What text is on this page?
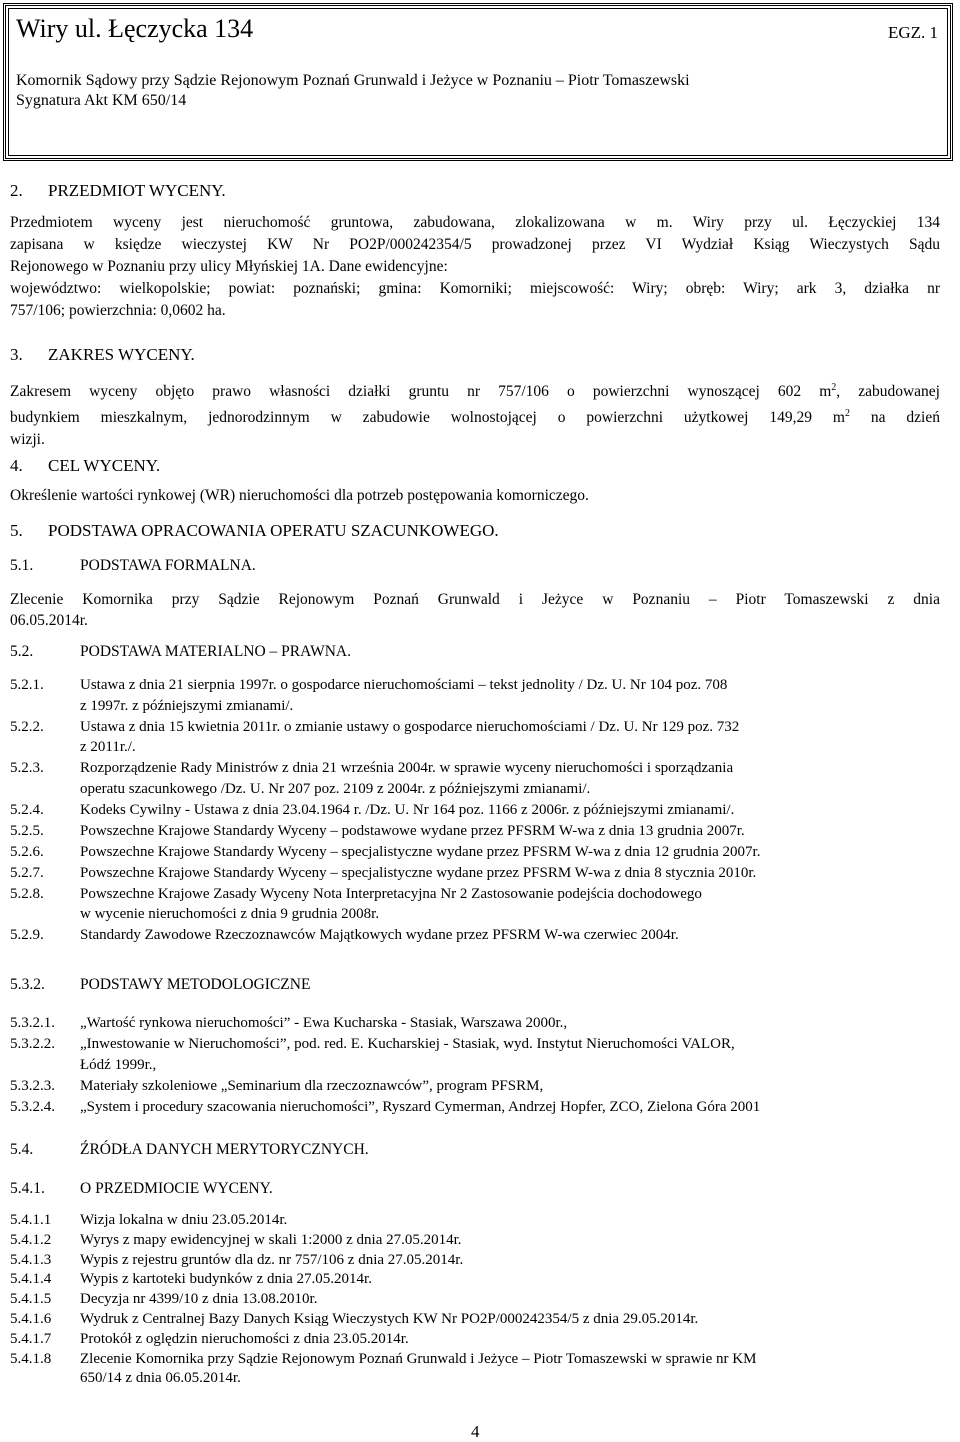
Wiry ul. Łęczycka 134	EGZ. 1
Komornik Sądowy przy Sądzie Rejonowym Poznań Grunwald i Jeżyce w Poznaniu – Piotr Tomaszewski
Sygnatura Akt KM 650/14
2. PRZEDMIOT WYCENY.
Przedmiotem wyceny jest nieruchomość gruntowa, zabudowana, zlokalizowana w m. Wiry przy ul. Łęczyckiej 134
zapisana w księdze wieczystej KW Nr PO2P/000242354/5 prowadzonej przez VI Wydział Ksiąg Wieczystych Sądu
Rejonowego w Poznaniu przy ulicy Młyńskiej 1A. Dane ewidencyjne:
województwo: wielkopolskie; powiat: poznański; gmina: Komorniki; miejscowość: Wiry; obręb: Wiry; ark 3, działka nr
757/106; powierzchnia: 0,0602 ha.
3. ZAKRES WYCENY.
Zakresem wyceny objęto prawo własności działki gruntu nr 757/106 o powierzchni wynoszącej 602 $m^2$, zabudowanej
budynkiem mieszkalnym, jednorodzinnym w zabudowie wolnostojącej o powierzchni użytkowej 149,29 $m^2$ na dzień
wizji.
4. CEL WYCENY.
Określenie wartości rynkowej (WR) nieruchomości dla potrzeb postępowania komorniczego.
5. PODSTAWA OPRACOWANIA OPERATU SZACUNKOWEGO.
5.1.	PODSTAWA FORMALNA.
Zlecenie Komornika przy Sądzie Rejonowym Poznań Grunwald i Jeżyce w Poznaniu – Piotr Tomaszewski z dnia
06.05.2014r.
5.2.	PODSTAWA MATERIALNO – PRAWNA.
5.2.1.	Ustawa z dnia 21 sierpnia 1997r. o gospodarce nieruchomościami – tekst jednolity / Dz. U. Nr 104 poz. 708
z 1997r. z późniejszymi zmianami/.
5.2.2.	Ustawa z dnia 15 kwietnia 2011r. o zmianie ustawy o gospodarce nieruchomościami / Dz. U. Nr 129 poz. 732
z 2011r./.
5.2.3.	Rozporządzenie Rady Ministrów z dnia 21 września 2004r. w sprawie wyceny nieruchomości i sporządzania
operatu szacunkowego /Dz. U. Nr 207 poz. 2109 z 2004r. z późniejszymi zmianami/.
5.2.4.	Kodeks Cywilny - Ustawa z dnia 23.04.1964 r. /Dz. U. Nr 164 poz. 1166 z 2006r. z późniejszymi zmianami/.
5.2.5.	Powszechne Krajowe Standardy Wyceny – podstawowe wydane przez PFSRM W-wa z dnia 13 grudnia 2007r.
5.2.6.	Powszechne Krajowe Standardy Wyceny – specjalistyczne wydane przez PFSRM W-wa z dnia 12 grudnia 2007r.
5.2.7.	Powszechne Krajowe Standardy Wyceny – specjalistyczne wydane przez PFSRM W-wa z dnia 8 stycznia 2010r.
5.2.8.	Powszechne Krajowe Zasady Wyceny Nota Interpretacyjna Nr 2 Zastosowanie podejścia dochodowego
w wycenie nieruchomości z dnia 9 grudnia 2008r.
5.2.9.	Standardy Zawodowe Rzeczoznawców Majątkowych wydane przez PFSRM W-wa czerwiec 2004r.
5.3.2. PODSTAWY METODOLOGICZNE
5.3.2.1.	„Wartość rynkowa nieruchomości” - Ewa Kucharska - Stasiak, Warszawa 2000r.,
5.3.2.2.	„Inwestowanie w Nieruchomości”, pod. red. E. Kucharskiej - Stasiak, wyd. Instytut Nieruchomości VALOR,
Łódź 1999r.,
5.3.2.3.	Materiały szkoleniowe „Seminarium dla rzeczoznawców”, program PFSRM,
5.3.2.4.	„System i procedury szacowania nieruchomości”, Ryszard Cymerman, Andrzej Hopfer, ZCO, Zielona Góra 2001
5.4.	ŹRÓDŁA DANYCH MERYTORYCZNYCH.
5.4.1. O PRZEDMIOCIE WYCENY.
5.4.1.1	Wizja lokalna w dniu 23.05.2014r.
5.4.1.2	Wyrys z mapy ewidencyjnej w skali 1:2000 z dnia 27.05.2014r.
5.4.1.3	Wypis z rejestru gruntów dla dz. nr 757/106 z dnia 27.05.2014r.
5.4.1.4	Wypis z kartoteki budynków z dnia 27.05.2014r.
5.4.1.5	Decyzja nr 4399/10 z dnia 13.08.2010r.
5.4.1.6	Wydruk z Centralnej Bazy Danych Ksiąg Wieczystych KW Nr PO2P/000242354/5 z dnia 29.05.2014r.
5.4.1.7	Protokół z oględzin nieruchomości z dnia 23.05.2014r.
5.4.1.8	Zlecenie Komornika przy Sądzie Rejonowym Poznań Grunwald i Jeżyce – Piotr Tomaszewski w sprawie nr KM
650/14 z dnia 06.05.2014r.
4
